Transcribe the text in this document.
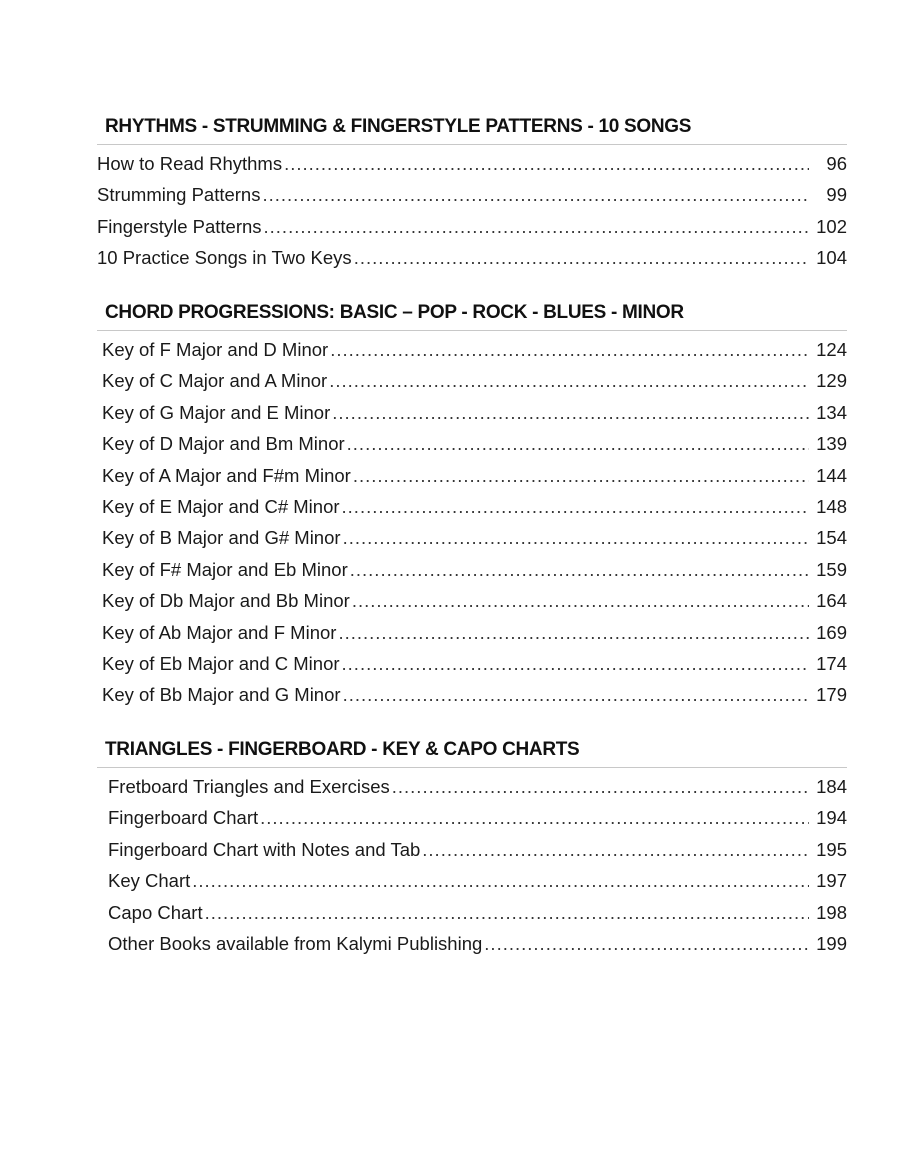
RHYTHMS - STRUMMING & FINGERSTYLE PATTERNS - 10 SONGS
How to Read Rhythms .....	96
Strumming Patterns .....	99
Fingerstyle Patterns .....	102
10 Practice Songs in Two Keys .....	104
CHORD PROGRESSIONS: BASIC – POP - ROCK - BLUES - MINOR
Key of F Major and D Minor .....	124
Key of C Major and A Minor .....	129
Key of G Major and E Minor .....	134
Key of D Major and Bm Minor .....	139
Key of A Major and F#m Minor .....	144
Key of E Major and C# Minor .....	148
Key of B Major and G# Minor .....	154
Key of F# Major and Eb Minor .....	159
Key of Db Major and Bb Minor .....	164
Key of Ab Major and F Minor .....	169
Key of Eb Major and C Minor .....	174
Key of Bb Major and G Minor .....	179
TRIANGLES - FINGERBOARD - KEY & CAPO CHARTS
Fretboard Triangles and Exercises .....	184
Fingerboard Chart .....	194
Fingerboard Chart with Notes and Tab .....	195
Key Chart .....	197
Capo Chart .....	198
Other Books available from Kalymi Publishing .....	199
